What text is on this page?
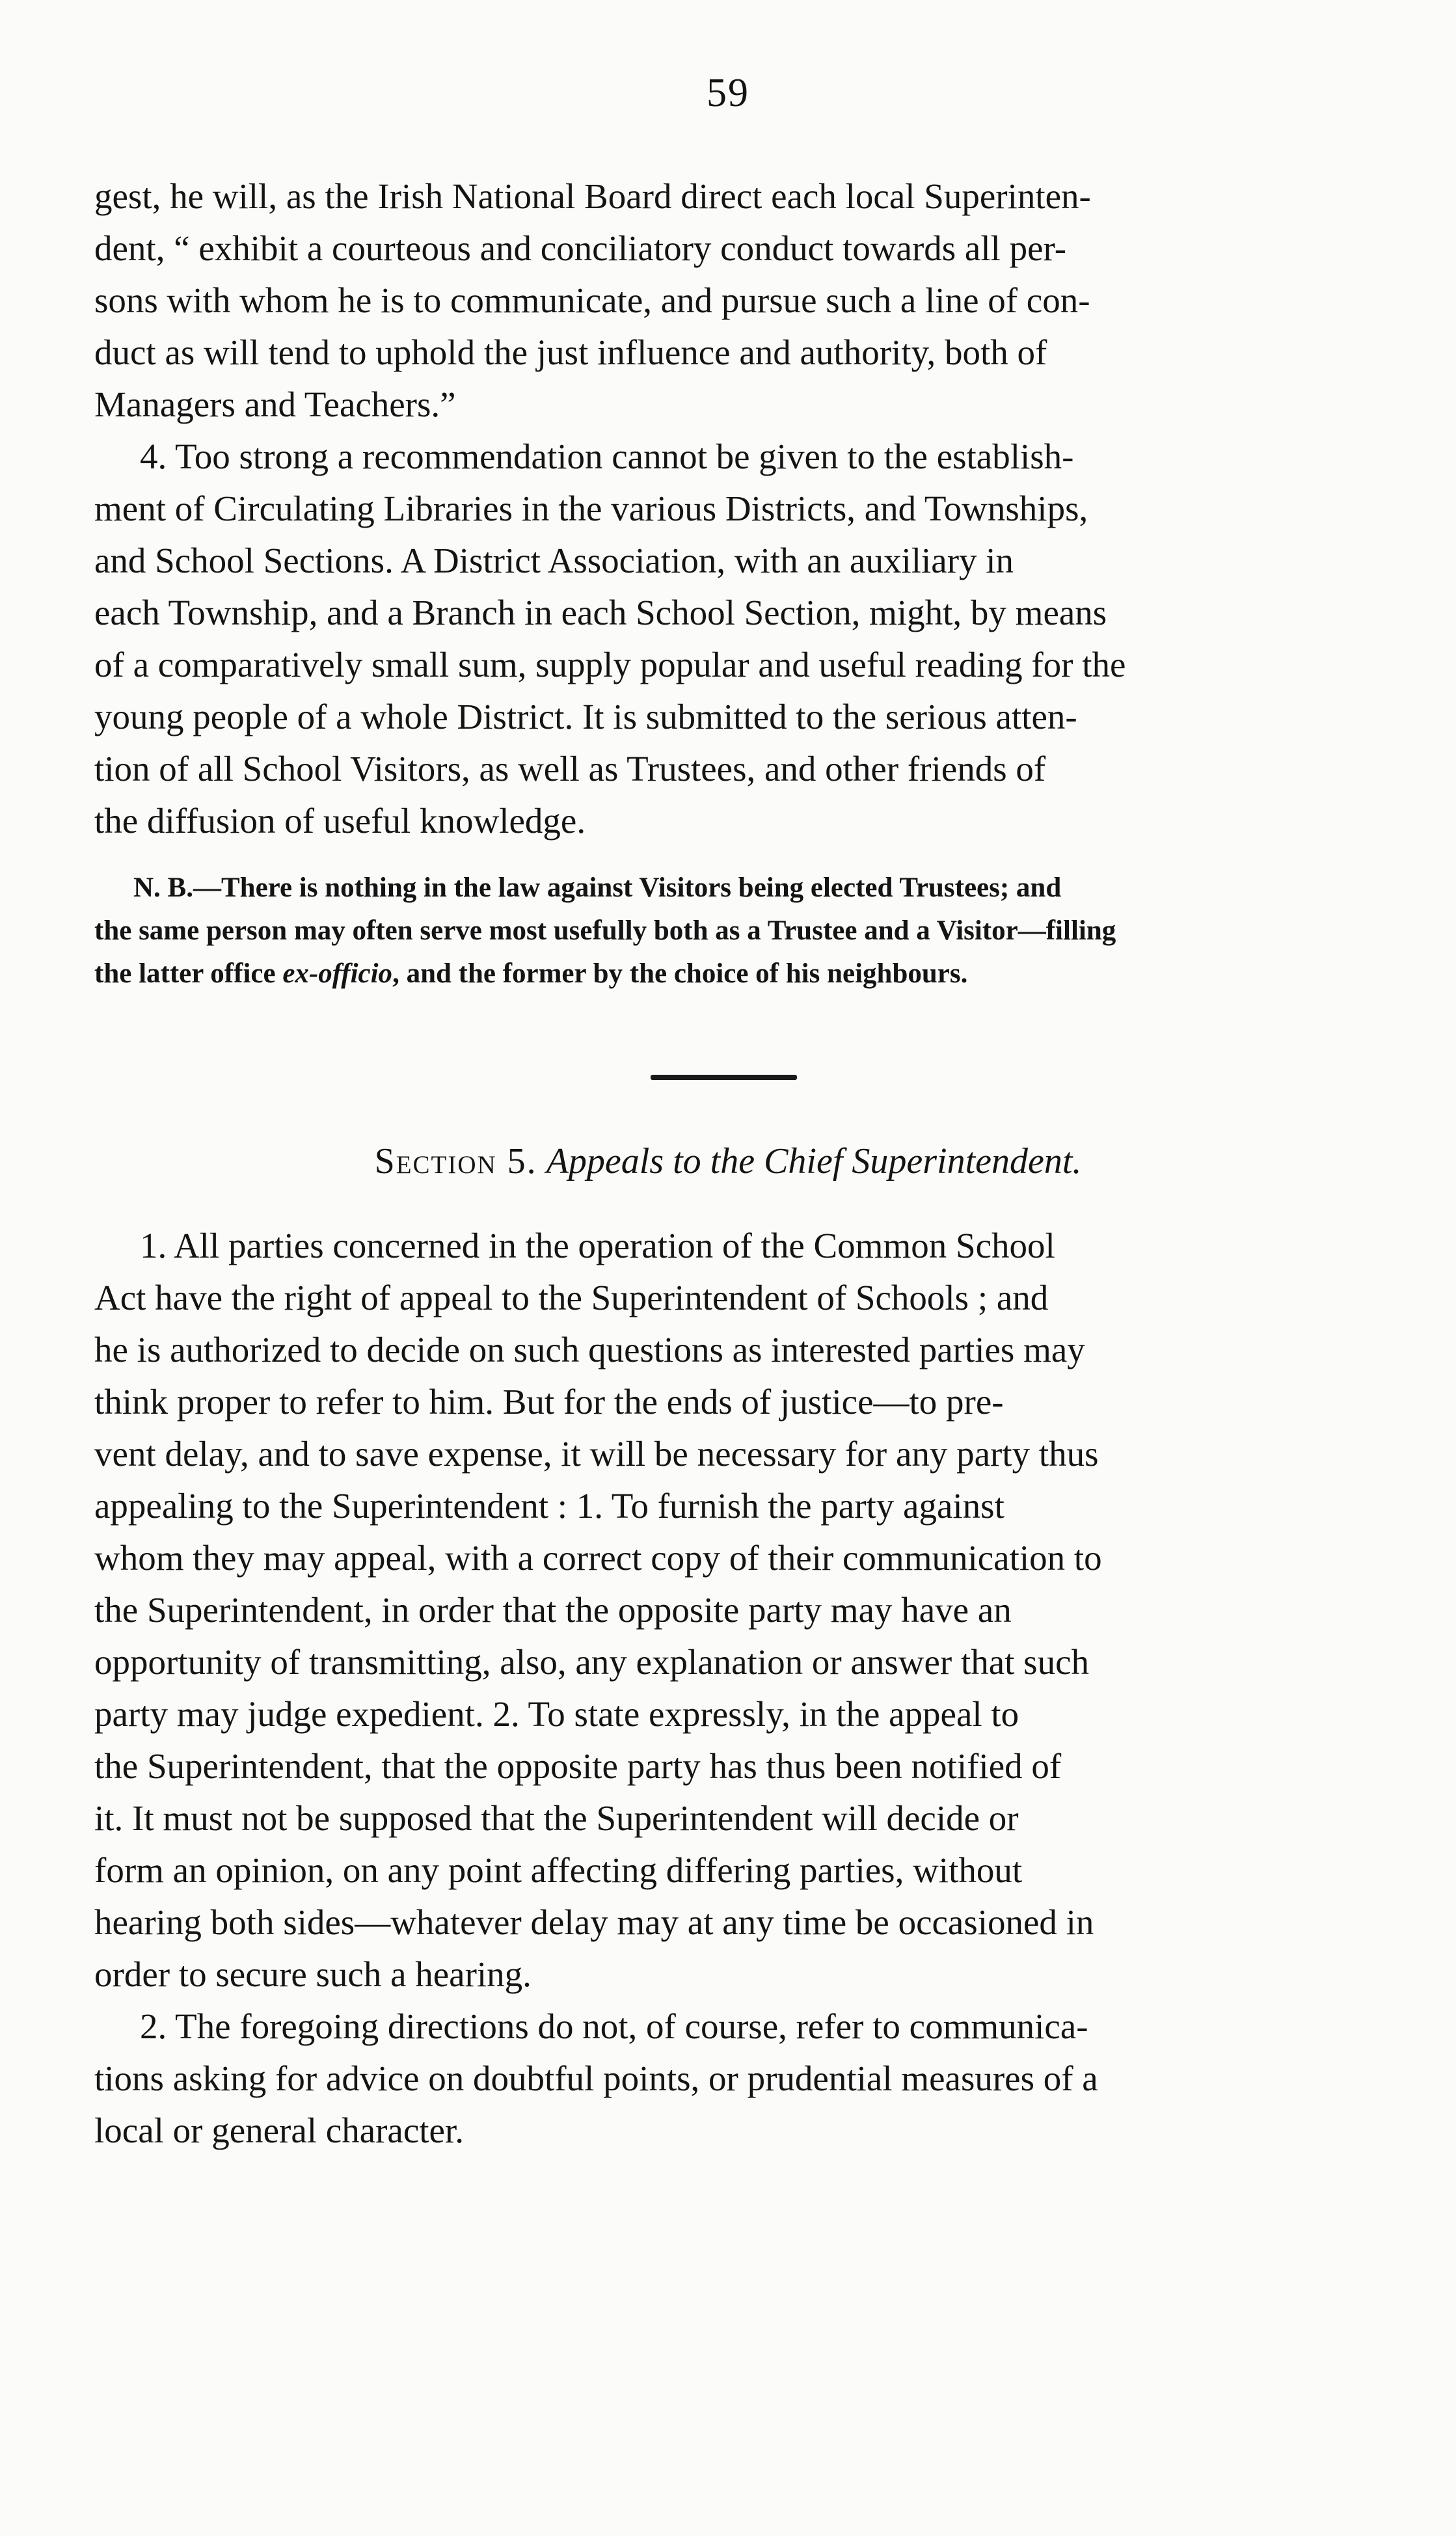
59

gest, he will, as the Irish National Board direct each local Superinten-

dent, “ exhibit a courteous and conciliatory conduct towards all per-

sons with whom he is to communicate, and pursue such a line of con-

duct as will tend to uphold the just influence and authority, both of

Managers and Teachers.”

4. Too strong a recommendation cannot be given to the establish-

ment of Circulating Libraries in the various Districts, and Townships,

and School Sections. A District Association, with an auxiliary in

each Township, and a Branch in each School Section, might, by means

of a comparatively small sum, supply popular and useful reading for the

young people of a whole District. It is submitted to the serious atten-

tion of all School Visitors, as well as Trustees, and other friends of

the diffusion of useful knowledge.

N. B.—There is nothing in the law against Visitors being elected Trustees; and

the same person may often serve most usefully both as a Trustee and a Visitor—filling

the latter office ex-officio, and the former by the choice of his neighbours.

Section 5. Appeals to the Chief Superintendent.

1. All parties concerned in the operation of the Common School

Act have the right of appeal to the Superintendent of Schools ; and

he is authorized to decide on such questions as interested parties may

think proper to refer to him. But for the ends of justice—to pre-

vent delay, and to save expense, it will be necessary for any party thus

appealing to the Superintendent : 1. To furnish the party against

whom they may appeal, with a correct copy of their communication to

the Superintendent, in order that the opposite party may have an

opportunity of transmitting, also, any explanation or answer that such

party may judge expedient. 2. To state expressly, in the appeal to

the Superintendent, that the opposite party has thus been notified of

it. It must not be supposed that the Superintendent will decide or

form an opinion, on any point affecting differing parties, without

hearing both sides—whatever delay may at any time be occasioned in

order to secure such a hearing.

2. The foregoing directions do not, of course, refer to communica-

tions asking for advice on doubtful points, or prudential measures of a

local or general character.
